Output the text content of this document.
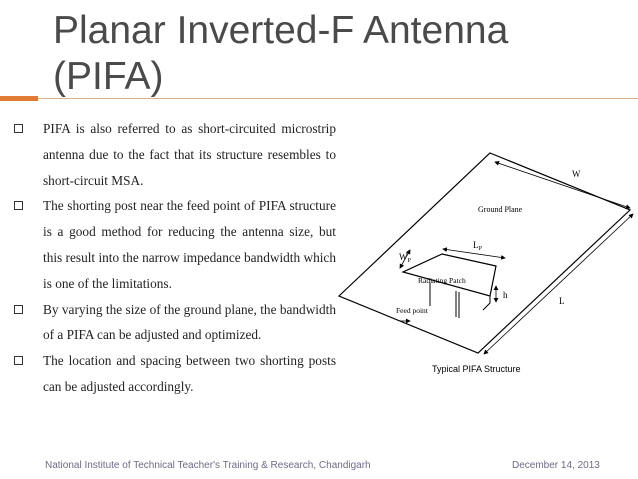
Planar Inverted-F Antenna
(PIFA)
PIFA is also referred to as short-circuited microstrip antenna due to the fact that its structure resembles to short-circuit MSA.
The shorting post near the feed point of PIFA structure is a good method for reducing the antenna size, but this result into the narrow impedance bandwidth which is one of the limitations.
By varying the size of the ground plane, the bandwidth of a PIFA can be adjusted and optimized.
The location and spacing between two shorting posts can be adjusted accordingly.
W
Ground Plane
L
$L_P$
$W_P$
Radiating Patch
h
Feed point
Typical PIFA Structure
National Institute of Technical Teacher's Training & Research, Chandigarh	December 14, 2013
